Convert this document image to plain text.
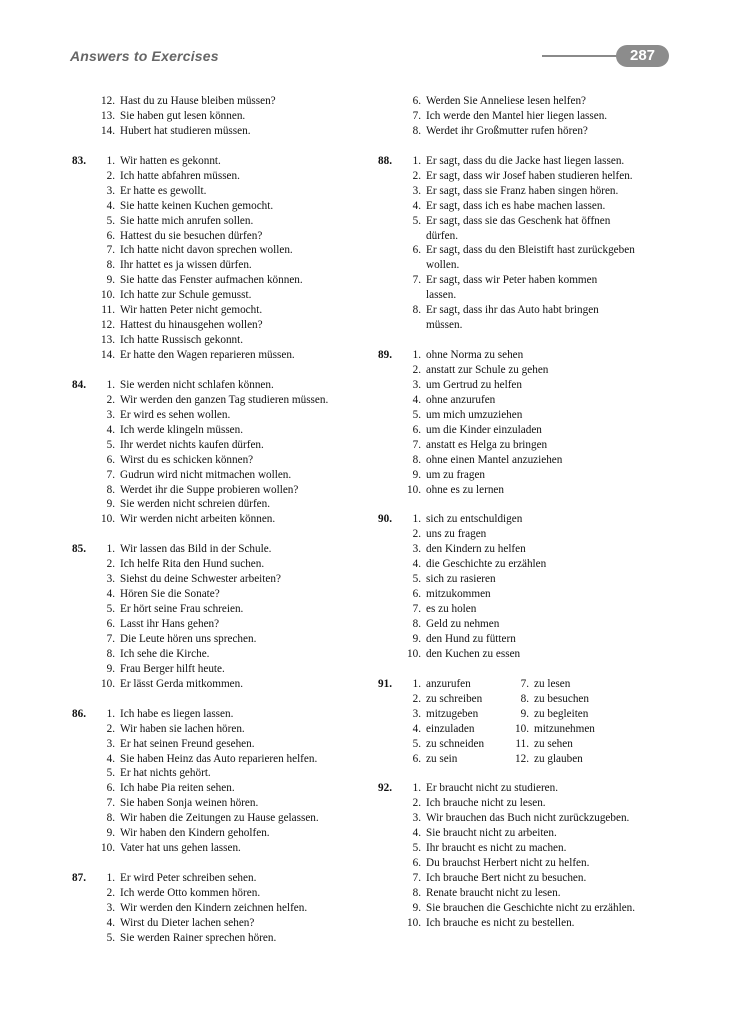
Answers to Exercises	287
12. Hast du zu Hause bleiben müssen?
13. Sie haben gut lesen können.
14. Hubert hat studieren müssen.
83.	1. Wir hatten es gekonnt.
2. Ich hatte abfahren müssen.
3. Er hatte es gewollt.
4. Sie hatte keinen Kuchen gemocht.
5. Sie hatte mich anrufen sollen.
6. Hattest du sie besuchen dürfen?
7. Ich hatte nicht davon sprechen wollen.
8. Ihr hattet es ja wissen dürfen.
9. Sie hatte das Fenster aufmachen können.
10. Ich hatte zur Schule gemusst.
11. Wir hatten Peter nicht gemocht.
12. Hattest du hinausgehen wollen?
13. Ich hatte Russisch gekonnt.
14. Er hatte den Wagen reparieren müssen.
84.	1. Sie werden nicht schlafen können.
2. Wir werden den ganzen Tag studieren müssen.
3. Er wird es sehen wollen.
4. Ich werde klingeln müssen.
5. Ihr werdet nichts kaufen dürfen.
6. Wirst du es schicken können?
7. Gudrun wird nicht mitmachen wollen.
8. Werdet ihr die Suppe probieren wollen?
9. Sie werden nicht schreien dürfen.
10. Wir werden nicht arbeiten können.
85.	1. Wir lassen das Bild in der Schule.
2. Ich helfe Rita den Hund suchen.
3. Siehst du deine Schwester arbeiten?
4. Hören Sie die Sonate?
5. Er hört seine Frau schreien.
6. Lasst ihr Hans gehen?
7. Die Leute hören uns sprechen.
8. Ich sehe die Kirche.
9. Frau Berger hilft heute.
10. Er lässt Gerda mitkommen.
86.	1. Ich habe es liegen lassen.
2. Wir haben sie lachen hören.
3. Er hat seinen Freund gesehen.
4. Sie haben Heinz das Auto reparieren helfen.
5. Er hat nichts gehört.
6. Ich habe Pia reiten sehen.
7. Sie haben Sonja weinen hören.
8. Wir haben die Zeitungen zu Hause gelassen.
9. Wir haben den Kindern geholfen.
10. Vater hat uns gehen lassen.
87.	1. Er wird Peter schreiben sehen.
2. Ich werde Otto kommen hören.
3. Wir werden den Kindern zeichnen helfen.
4. Wirst du Dieter lachen sehen?
5. Sie werden Rainer sprechen hören.
6. Werden Sie Anneliese lesen helfen?
7. Ich werde den Mantel hier liegen lassen.
8. Werdet ihr Großmutter rufen hören?
88.	1. Er sagt, dass du die Jacke hast liegen lassen.
2. Er sagt, dass wir Josef haben studieren helfen.
3. Er sagt, dass sie Franz haben singen hören.
4. Er sagt, dass ich es habe machen lassen.
5. Er sagt, dass sie das Geschenk hat öffnen
dürfen.
6. Er sagt, dass du den Bleistift hast zurückgeben
wollen.
7. Er sagt, dass wir Peter haben kommen
lassen.
8. Er sagt, dass ihr das Auto habt bringen
müssen.
89.	1. ohne Norma zu sehen
2. anstatt zur Schule zu gehen
3. um Gertrud zu helfen
4. ohne anzurufen
5. um mich umzuziehen
6. um die Kinder einzuladen
7. anstatt es Helga zu bringen
8. ohne einen Mantel anzuziehen
9. um zu fragen
10. ohne es zu lernen
90.	1. sich zu entschuldigen
2. uns zu fragen
3. den Kindern zu helfen
4. die Geschichte zu erzählen
5. sich zu rasieren
6. mitzukommen
7. es zu holen
8. Geld zu nehmen
9. den Hund zu füttern
10. den Kuchen zu essen
91.	1. anzurufen	7. zu lesen
2. zu schreiben	8. zu besuchen
3. mitzugeben	9. zu begleiten
4. einzuladen	10. mitzunehmen
5. zu schneiden	11. zu sehen
6. zu sein	12. zu glauben
92.	1. Er braucht nicht zu studieren.
2. Ich brauche nicht zu lesen.
3. Wir brauchen das Buch nicht zurückzugeben.
4. Sie braucht nicht zu arbeiten.
5. Ihr braucht es nicht zu machen.
6. Du brauchst Herbert nicht zu helfen.
7. Ich brauche Bert nicht zu besuchen.
8. Renate braucht nicht zu lesen.
9. Sie brauchen die Geschichte nicht zu erzählen.
10. Ich brauche es nicht zu bestellen.
